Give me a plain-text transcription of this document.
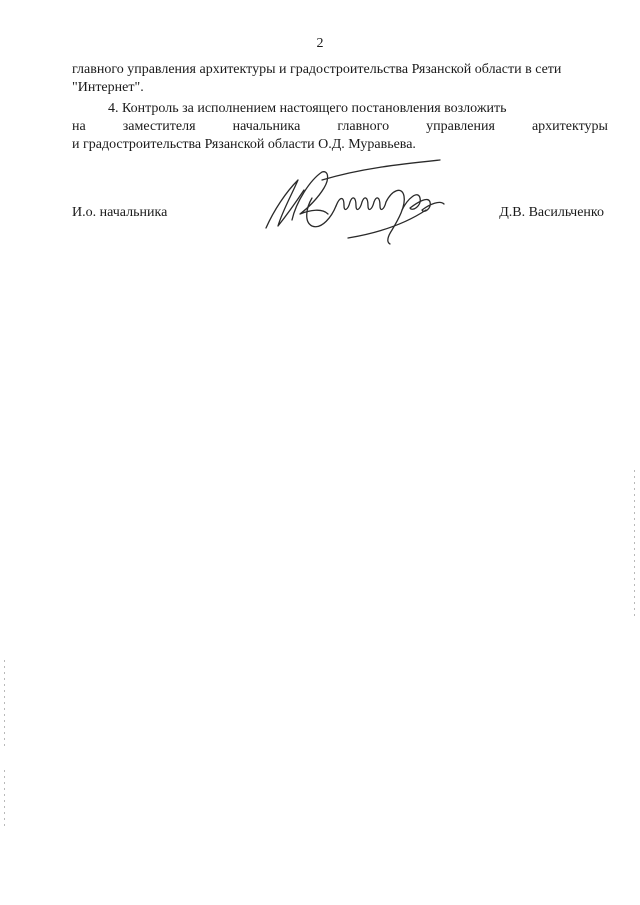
2
главного управления архитектуры и градостроительства Рязанской области в сети
"Интернет".
4. Контроль за исполнением настоящего постановления возложить
на	заместителя	начальника	главного	управления	архитектуры
и градостроительства Рязанской области О.Д. Муравьева.
И.о. начальника	Д.В. Васильченко
